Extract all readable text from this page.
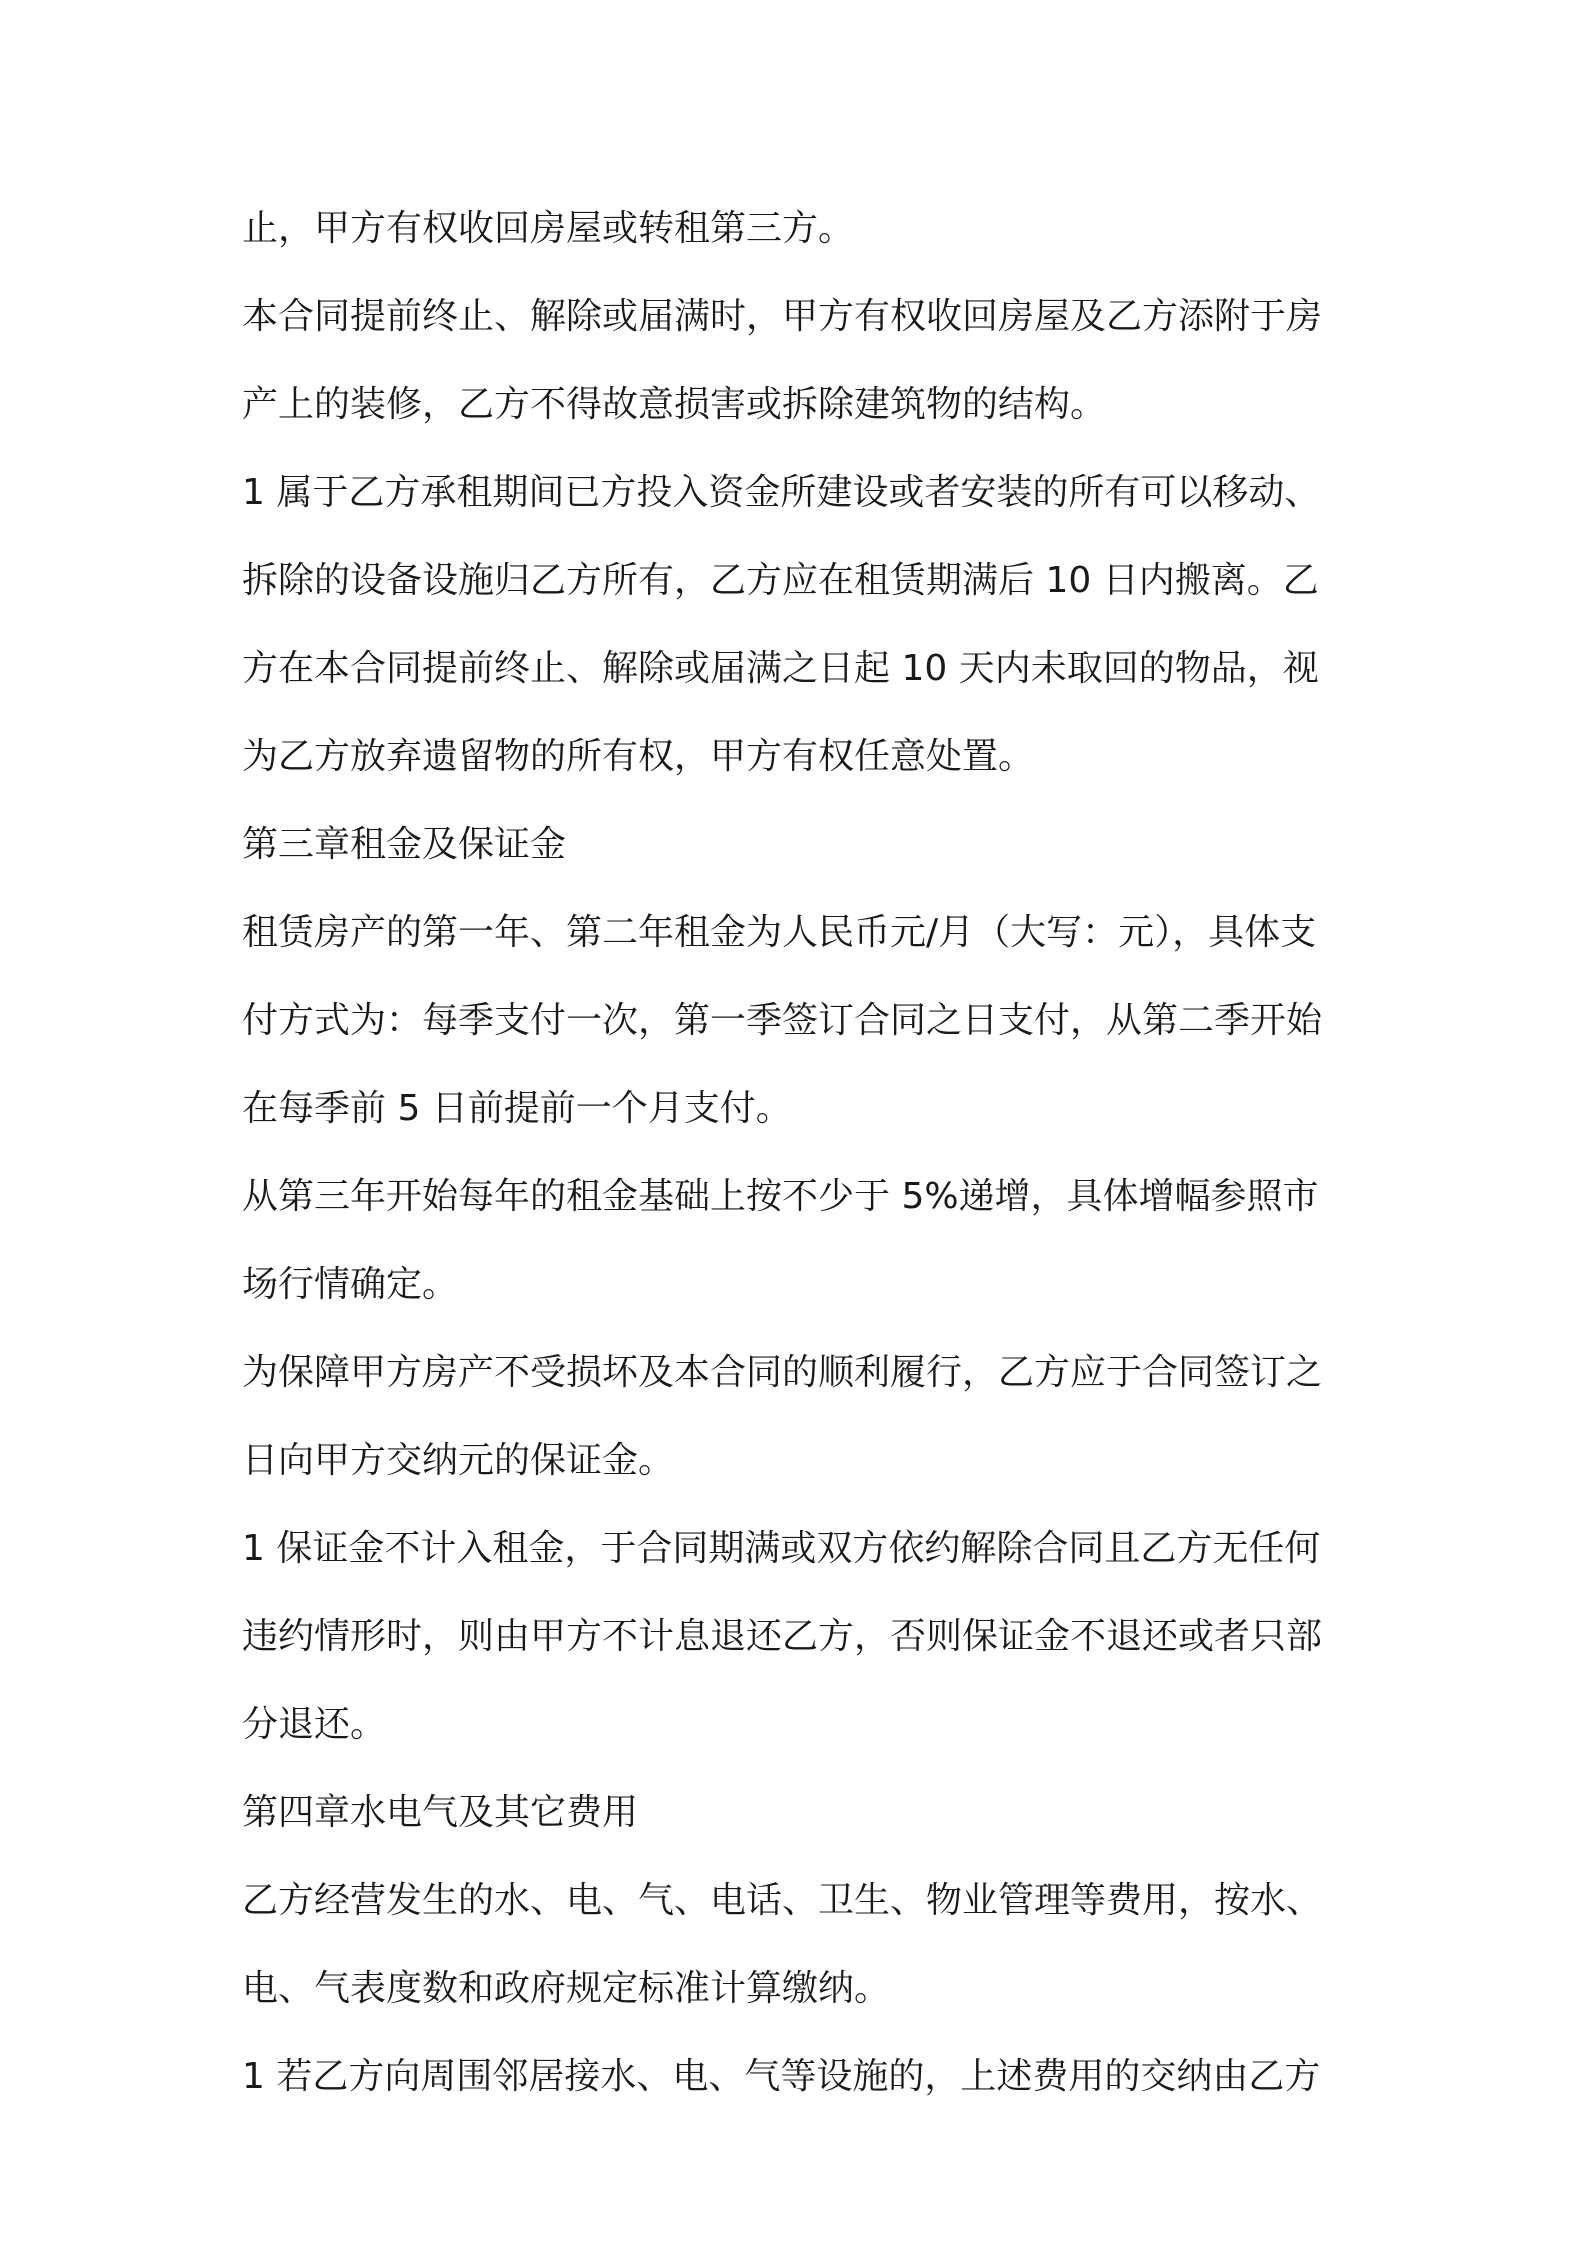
止，甲方有权收回房屋或转租第三方。
本合同提前终止、解除或届满时，甲方有权收回房屋及乙方添附于房
产上的装修，乙方不得故意损害或拆除建筑物的结构。
1 属于乙方承租期间已方投入资金所建设或者安装的所有可以移动、
拆除的设备设施归乙方所有，乙方应在租赁期满后 10 日内搬离。乙
方在本合同提前终止、解除或届满之日起 10 天内未取回的物品，视
为乙方放弃遗留物的所有权，甲方有权任意处置。
第三章租金及保证金
租赁房产的第一年、第二年租金为人民币元/月（大写：元），具体支
付方式为：每季支付一次，第一季签订合同之日支付，从第二季开始
在每季前 5 日前提前一个月支付。
从第三年开始每年的租金基础上按不少于 5%递增，具体增幅参照市
场行情确定。
为保障甲方房产不受损坏及本合同的顺利履行，乙方应于合同签订之
日向甲方交纳元的保证金。
1 保证金不计入租金，于合同期满或双方依约解除合同且乙方无任何
违约情形时，则由甲方不计息退还乙方，否则保证金不退还或者只部
分退还。
第四章水电气及其它费用
乙方经营发生的水、电、气、电话、卫生、物业管理等费用，按水、
电、气表度数和政府规定标准计算缴纳。
1 若乙方向周围邻居接水、电、气等设施的，上述费用的交纳由乙方
